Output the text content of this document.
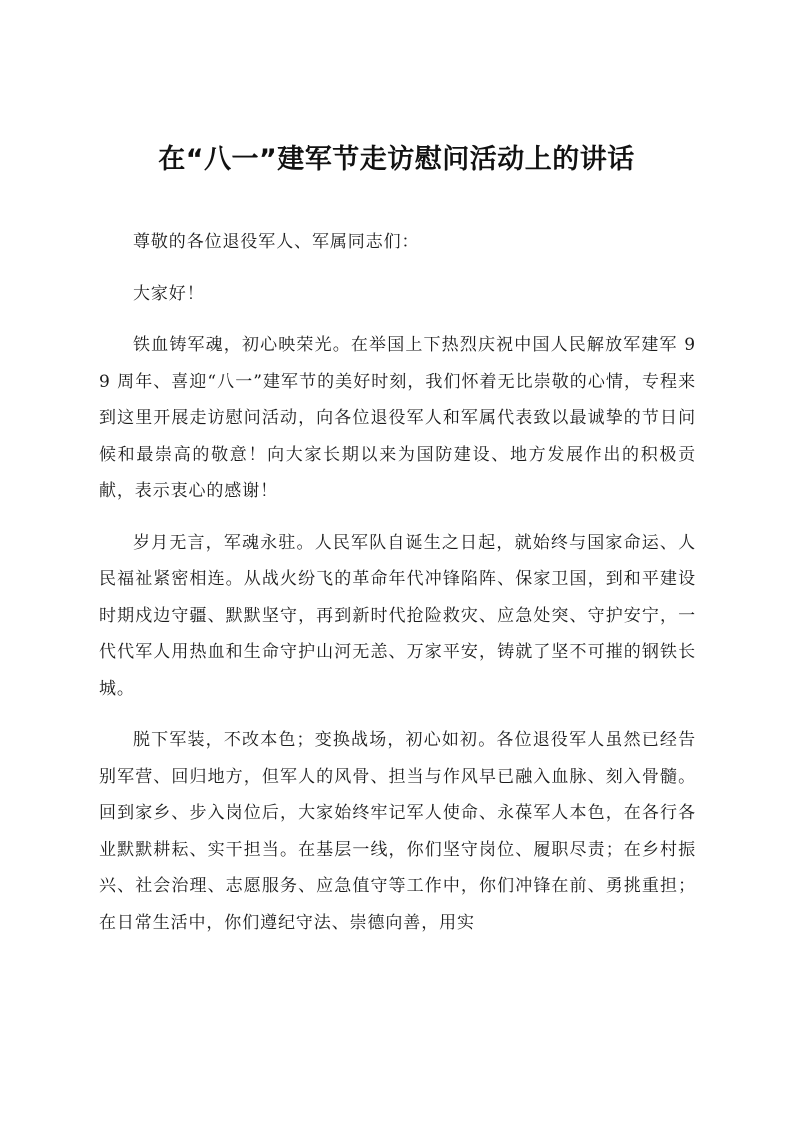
在“八一”建军节走访慰问活动上的讲话

尊敬的各位退役军人、军属同志们：

大家好！

铁血铸军魂，初心映荣光。在举国上下热烈庆祝中国人民解放军建军 99 周年、喜迎“八一”建军节的美好时刻，我们怀着无比崇敬的心情，专程来到这里开展走访慰问活动，向各位退役军人和军属代表致以最诚挚的节日问候和最崇高的敬意！向大家长期以来为国防建设、地方发展作出的积极贡献，表示衷心的感谢！

岁月无言，军魂永驻。人民军队自诞生之日起，就始终与国家命运、人民福祉紧密相连。从战火纷飞的革命年代冲锋陷阵、保家卫国，到和平建设时期戍边守疆、默默坚守，再到新时代抢险救灾、应急处突、守护安宁，一代代军人用热血和生命守护山河无恙、万家平安，铸就了坚不可摧的钢铁长城。

脱下军装，不改本色；变换战场，初心如初。各位退役军人虽然已经告别军营、回归地方，但军人的风骨、担当与作风早已融入血脉、刻入骨髓。回到家乡、步入岗位后，大家始终牢记军人使命、永葆军人本色，在各行各业默默耕耘、实干担当。在基层一线，你们坚守岗位、履职尽责；在乡村振兴、社会治理、志愿服务、应急值守等工作中，你们冲锋在前、勇挑重担；在日常生活中，你们遵纪守法、崇德向善，用实
